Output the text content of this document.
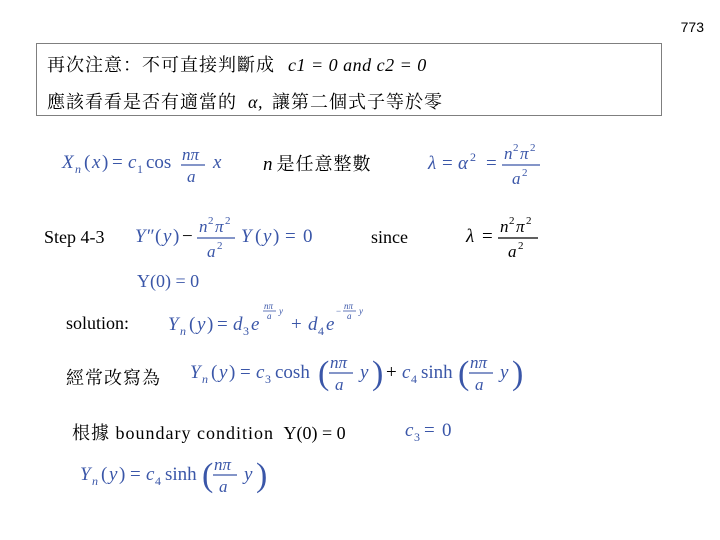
773
再次注意：不可直接判斷成 c1 = 0 and c2 = 0
應該看看是否有適當的 α, 讓第二個式子等於零
X n ( x ) = c 1 cos nπ
a
x n 是任意整數	λ = α 2 = n 2 π 2
a 2
Step 4-3 Y″ ( y ) − n 2 π 2
a 2 Y ( y ) = 0	since	λ = n 2 π 2
a 2
Y(0) = 0
solution: Y n ( y ) = d 3 e
nπ
a y
+ d 4 e
− nπ
a y
經常改寫為 Y n ( y ) = c 3 cosh ( nπ
a
y ) + c 4 sinh ( nπ
a
y )
根據 boundary condition Y(0) = 0	c 3 = 0
Y n ( y ) = c 4 sinh ( nπ
a
y )
